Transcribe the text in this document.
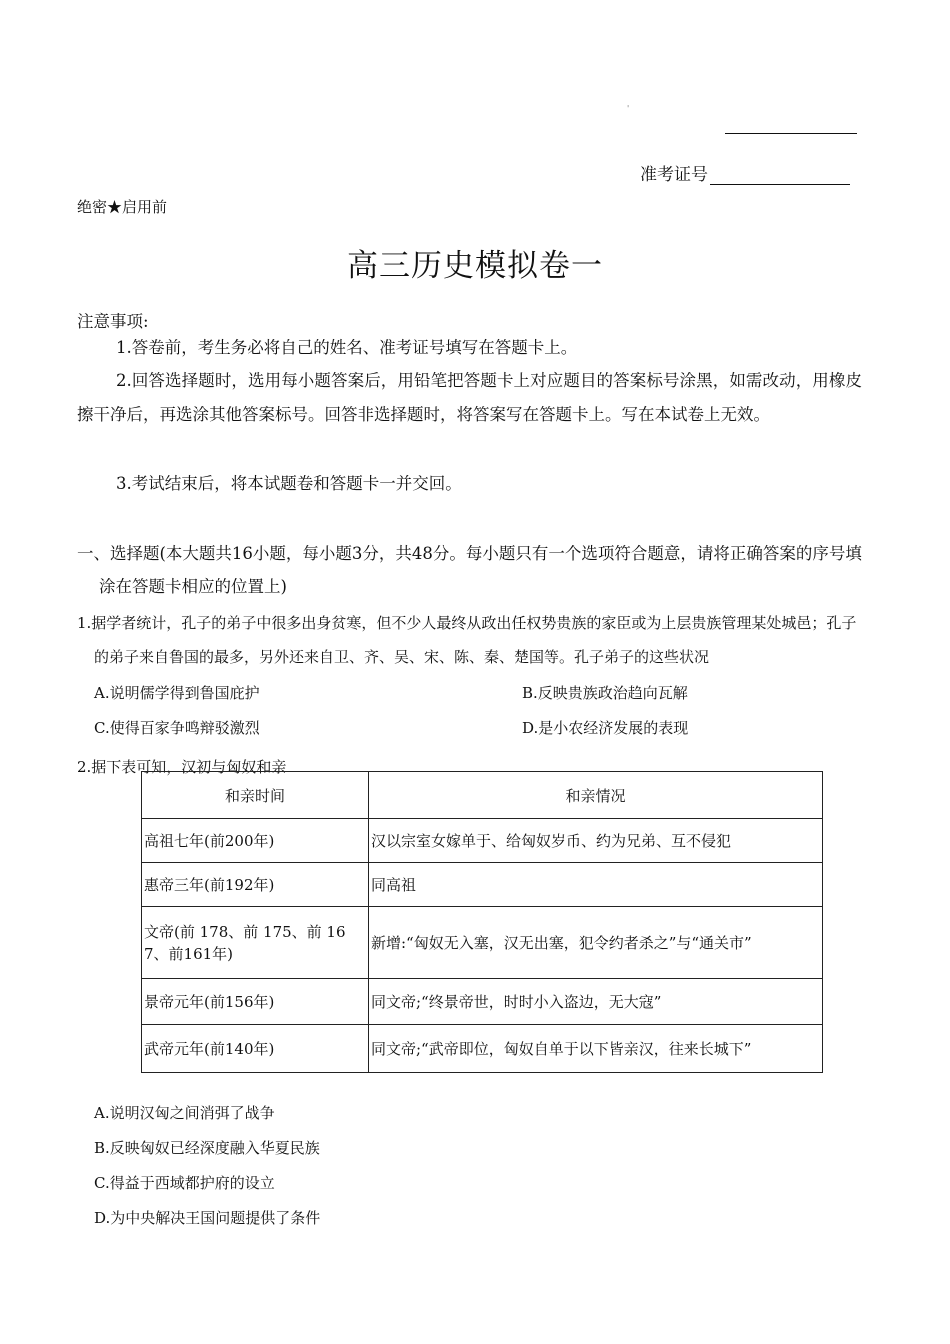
'
准考证号
绝密★启用前
高三历史模拟卷一
注意事项:
1.答卷前，考生务必将自己的姓名、准考证号填写在答题卡上。
2.回答选择题时，选用每小题答案后，用铅笔把答题卡上对应题目的答案标号涂黑，如需改动，用橡皮擦干净后，再选涂其他答案标号。回答非选择题时，将答案写在答题卡上。写在本试卷上无效。
3.考试结束后，将本试题卷和答题卡一并交回。
一、选择题(本大题共16小题，每小题3分，共48分。每小题只有一个选项符合题意，请将正确答案的序号填涂在答题卡相应的位置上)
1.据学者统计，孔子的弟子中很多出身贫寒，但不少人最终从政出任权势贵族的家臣或为上层贵族管理某处城邑；孔子的弟子来自鲁国的最多，另外还来自卫、齐、吴、宋、陈、秦、楚国等。孔子弟子的这些状况
A.说明儒学得到鲁国庇护	B.反映贵族政治趋向瓦解
C.使得百家争鸣辩驳激烈	D.是小农经济发展的表现
2.据下表可知，汉初与匈奴和亲
和亲时间	和亲情况
高祖七年(前200年)	汉以宗室女嫁单于、给匈奴岁币、约为兄弟、互不侵犯
惠帝三年(前192年)	同高祖
文帝(前 178、前 175、前 167、前161年)	新增:“匈奴无入塞，汉无出塞，犯令约者杀之”与“通关市”
景帝元年(前156年)	同文帝;“终景帝世，时时小入盗边，无大寇”
武帝元年(前140年)	同文帝;“武帝即位，匈奴自单于以下皆亲汉，往来长城下”
A.说明汉匈之间消弭了战争
B.反映匈奴已经深度融入华夏民族
C.得益于西域都护府的设立
D.为中央解决王国问题提供了条件
